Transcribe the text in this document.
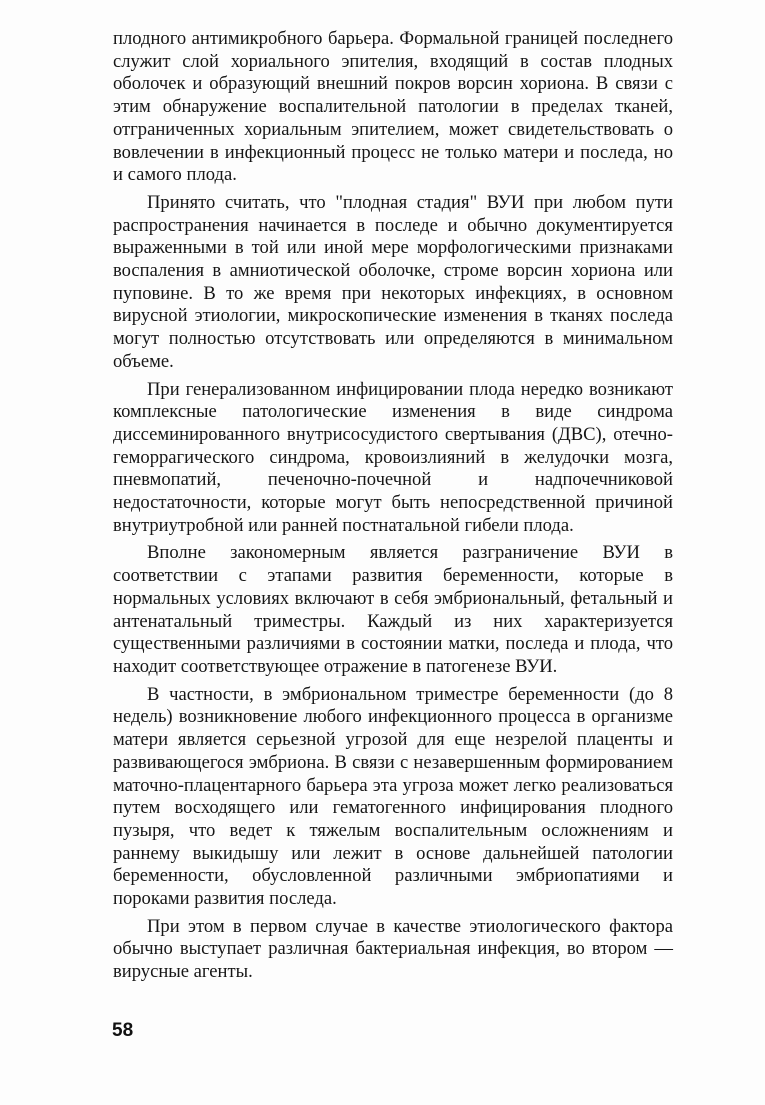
плодного антимикробного барьера. Формальной границей последнего служит слой хориального эпителия, входящий в состав плодных оболочек и образующий внешний покров ворсин хориона. В связи с этим обнаружение воспалительной патологии в пределах тканей, отграниченных хориальным эпителием, может свидетельствовать о вовлечении в инфекционный процесс не только матери и последа, но и самого плода.

Принято считать, что "плодная стадия" ВУИ при любом пути распространения начинается в последе и обычно документируется выраженными в той или иной мере морфологическими признаками воспаления в амниотической оболочке, строме ворсин хориона или пуповине. В то же время при некоторых инфекциях, в основном вирусной этиологии, микроскопические изменения в тканях последа могут полностью отсутствовать или определяются в минимальном объеме.

При генерализованном инфицировании плода нередко возникают комплексные патологические изменения в виде синдрома диссеминированного внутрисосудистого свертывания (ДВС), отечно-геморрагического синдрома, кровоизлияний в желудочки мозга, пневмопатий, печеночно-почечной и надпочечниковой недостаточности, которые могут быть непосредственной причиной внутриутробной или ранней постнатальной гибели плода.

Вполне закономерным является разграничение ВУИ в соответствии с этапами развития беременности, которые в нормальных условиях включают в себя эмбриональный, фетальный и антенатальный триместры. Каждый из них характеризуется существенными различиями в состоянии матки, последа и плода, что находит соответствующее отражение в патогенезе ВУИ.

В частности, в эмбриональном триместре беременности (до 8 недель) возникновение любого инфекционного процесса в организме матери является серьезной угрозой для еще незрелой плаценты и развивающегося эмбриона. В связи с незавершенным формированием маточно-плацентарного барьера эта угроза может легко реализоваться путем восходящего или гематогенного инфицирования плодного пузыря, что ведет к тяжелым воспалительным осложнениям и раннему выкидышу или лежит в основе дальнейшей патологии беременности, обусловленной различными эмбриопатиями и пороками развития последа.

При этом в первом случае в качестве этиологического фактора обычно выступает различная бактериальная инфекция, во втором — вирусные агенты.

58
